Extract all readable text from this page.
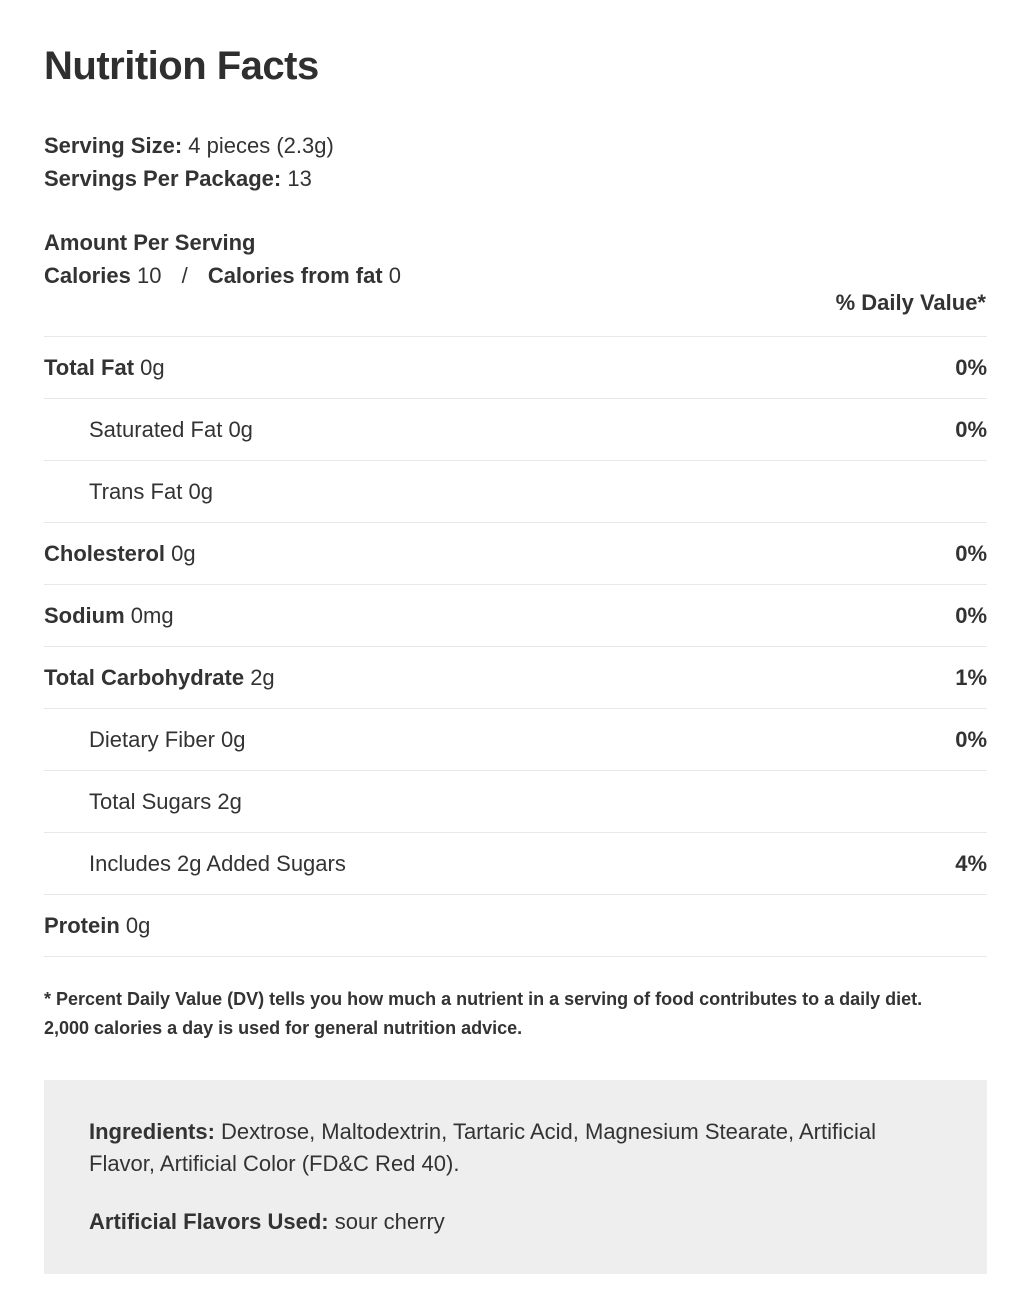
Nutrition Facts
Serving Size: 4 pieces (2.3g)
Servings Per Package: 13
Amount Per Serving
Calories 10 / Calories from fat 0
% Daily Value*
Total Fat 0g	0%
Saturated Fat 0g	0%
Trans Fat 0g
Cholesterol 0g	0%
Sodium 0mg	0%
Total Carbohydrate 2g	1%
Dietary Fiber 0g	0%
Total Sugars 2g
Includes 2g Added Sugars	4%
Protein 0g
* Percent Daily Value (DV) tells you how much a nutrient in a serving of food contributes to a daily diet.
2,000 calories a day is used for general nutrition advice.

Ingredients: Dextrose, Maltodextrin, Tartaric Acid, Magnesium Stearate, Artificial Flavor, Artificial Color (FD&C Red 40).

Artificial Flavors Used: sour cherry
